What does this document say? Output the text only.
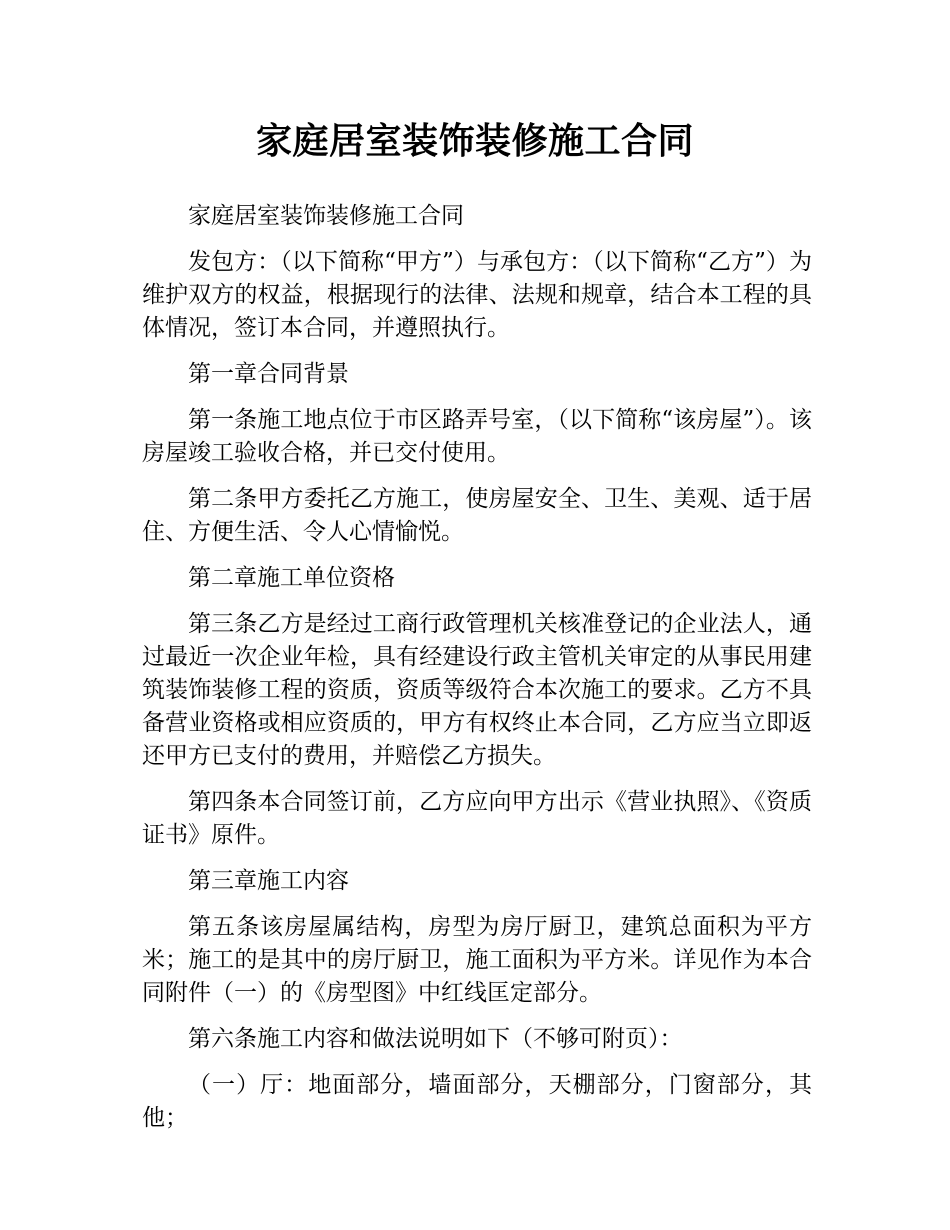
家庭居室装饰装修施工合同

家庭居室装饰装修施工合同

发包方：（以下简称“甲方”）与承包方：（以下简称“乙方”）为维护双方的权益，根据现行的法律、法规和规章，结合本工程的具体情况，签订本合同，并遵照执行。

第一章合同背景

第一条施工地点位于市区路弄号室，（以下简称“该房屋”）。该房屋竣工验收合格，并已交付使用。

第二条甲方委托乙方施工，使房屋安全、卫生、美观、适于居住、方便生活、令人心情愉悦。

第二章施工单位资格

第三条乙方是经过工商行政管理机关核准登记的企业法人，通过最近一次企业年检，具有经建设行政主管机关审定的从事民用建筑装饰装修工程的资质，资质等级符合本次施工的要求。乙方不具备营业资格或相应资质的，甲方有权终止本合同，乙方应当立即返还甲方已支付的费用，并赔偿乙方损失。

第四条本合同签订前，乙方应向甲方出示《营业执照》、《资质证书》原件。

第三章施工内容

第五条该房屋属结构，房型为房厅厨卫，建筑总面积为平方米；施工的是其中的房厅厨卫，施工面积为平方米。详见作为本合同附件（一）的《房型图》中红线匡定部分。

第六条施工内容和做法说明如下（不够可附页）：

（一）厅：地面部分，墙面部分，天棚部分，门窗部分，其他；
